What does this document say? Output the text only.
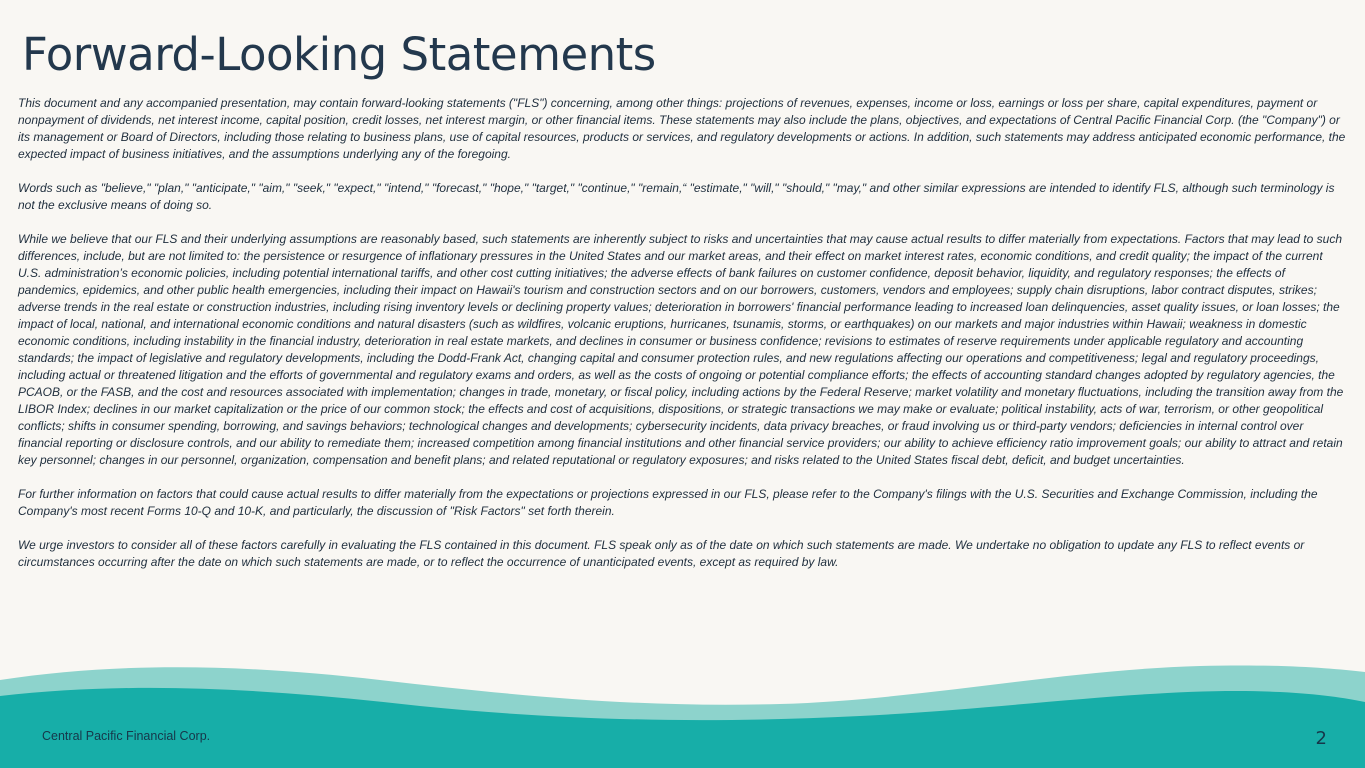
Forward-Looking Statements

This document and any accompanied presentation, may contain forward-looking statements ("FLS") concerning, among other things: projections of revenues, expenses, income or loss, earnings or loss per share, capital expenditures, payment or nonpayment of dividends, net interest income, capital position, credit losses, net interest margin, or other financial items. These statements may also include the plans, objectives, and expectations of Central Pacific Financial Corp. (the "Company") or its management or Board of Directors, including those relating to business plans, use of capital resources, products or services, and regulatory developments or actions. In addition, such statements may address anticipated economic performance, the expected impact of business initiatives, and the assumptions underlying any of the foregoing.

Words such as "believe," "plan," "anticipate," "aim," "seek," "expect," "intend," "forecast," "hope," "target," "continue," "remain,“ "estimate," "will," "should," "may," and other similar expressions are intended to identify FLS, although such terminology is not the exclusive means of doing so.

While we believe that our FLS and their underlying assumptions are reasonably based, such statements are inherently subject to risks and uncertainties that may cause actual results to differ materially from expectations. Factors that may lead to such differences, include, but are not limited to: the persistence or resurgence of inflationary pressures in the United States and our market areas, and their effect on market interest rates, economic conditions, and credit quality; the impact of the current U.S. administration’s economic policies, including potential international tariffs, and other cost cutting initiatives; the adverse effects of bank failures on customer confidence, deposit behavior, liquidity, and regulatory responses; the effects of pandemics, epidemics, and other public health emergencies, including their impact on Hawaii's tourism and construction sectors and on our borrowers, customers, vendors and employees; supply chain disruptions, labor contract disputes, strikes; adverse trends in the real estate or construction industries, including rising inventory levels or declining property values; deterioration in borrowers' financial performance leading to increased loan delinquencies, asset quality issues, or loan losses; the impact of local, national, and international economic conditions and natural disasters (such as wildfires, volcanic eruptions, hurricanes, tsunamis, storms, or earthquakes) on our markets and major industries within Hawaii; weakness in domestic economic conditions, including instability in the financial industry, deterioration in real estate markets, and declines in consumer or business confidence; revisions to estimates of reserve requirements under applicable regulatory and accounting standards; the impact of legislative and regulatory developments, including the Dodd-Frank Act, changing capital and consumer protection rules, and new regulations affecting our operations and competitiveness; legal and regulatory proceedings, including actual or threatened litigation and the efforts of governmental and regulatory exams and orders, as well as the costs of ongoing or potential compliance efforts; the effects of accounting standard changes adopted by regulatory agencies, the PCAOB, or the FASB, and the cost and resources associated with implementation; changes in trade, monetary, or fiscal policy, including actions by the Federal Reserve; market volatility and monetary fluctuations, including the transition away from the LIBOR Index; declines in our market capitalization or the price of our common stock; the effects and cost of acquisitions, dispositions, or strategic transactions we may make or evaluate; political instability, acts of war, terrorism, or other geopolitical conflicts; shifts in consumer spending, borrowing, and savings behaviors; technological changes and developments; cybersecurity incidents, data privacy breaches, or fraud involving us or third-party vendors; deficiencies in internal control over financial reporting or disclosure controls, and our ability to remediate them; increased competition among financial institutions and other financial service providers; our ability to achieve efficiency ratio improvement goals; our ability to attract and retain key personnel; changes in our personnel, organization, compensation and benefit plans; and related reputational or regulatory exposures; and risks related to the United States fiscal debt, deficit, and budget uncertainties.

For further information on factors that could cause actual results to differ materially from the expectations or projections expressed in our FLS, please refer to the Company's filings with the U.S. Securities and Exchange Commission, including the Company's most recent Forms 10-Q and 10-K, and particularly, the discussion of "Risk Factors" set forth therein.

We urge investors to consider all of these factors carefully in evaluating the FLS contained in this document. FLS speak only as of the date on which such statements are made. We undertake no obligation to update any FLS to reflect events or circumstances occurring after the date on which such statements are made, or to reflect the occurrence of unanticipated events, except as required by law.

Central Pacific Financial Corp.	2
